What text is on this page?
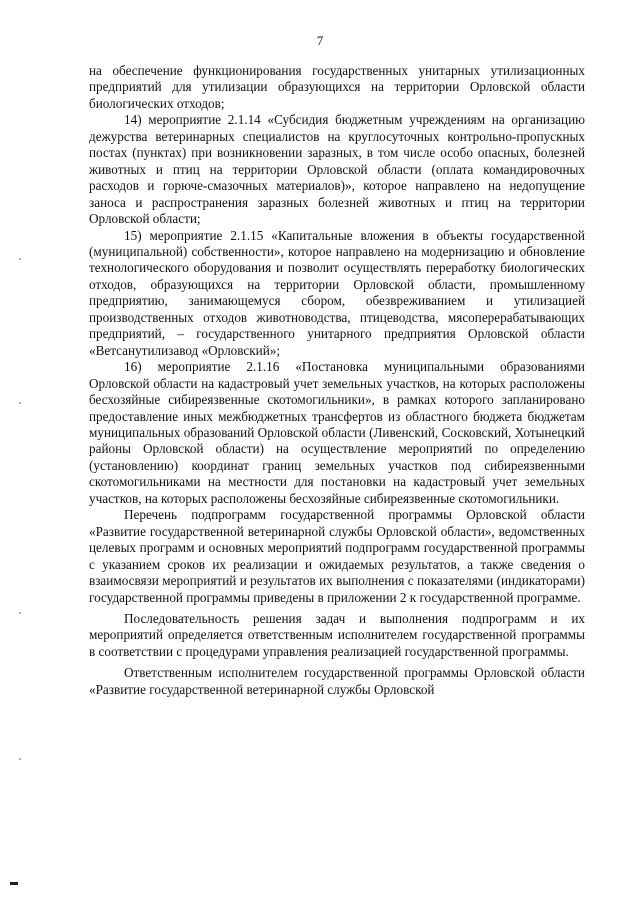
7

на обеспечение функционирования государственных унитарных утилизационных предприятий для утилизации образующихся на территории Орловской области биологических отходов;

14) мероприятие 2.1.14 «Субсидия бюджетным учреждениям на организацию дежурства ветеринарных специалистов на круглосуточных контрольно-пропускных постах (пунктах) при возникновении заразных, в том числе особо опасных, болезней животных и птиц на территории Орловской области (оплата командировочных расходов и горюче-смазочных материалов)», которое направлено на недопущение заноса и распространения заразных болезней животных и птиц на территории Орловской области;

15) мероприятие 2.1.15 «Капитальные вложения в объекты государственной (муниципальной) собственности», которое направлено на модернизацию и обновление технологического оборудования и позволит осуществлять переработку биологических отходов, образующихся на территории Орловской области, промышленному предприятию, занимающемуся сбором, обезвреживанием и утилизацией производственных отходов животноводства, птицеводства, мясоперерабатывающих предприятий, – государственного унитарного предприятия Орловской области «Ветсанутилизавод «Орловский»;

16) мероприятие 2.1.16 «Постановка муниципальными образованиями Орловской области на кадастровый учет земельных участков, на которых расположены бесхозяйные сибиреязвенные скотомогильники», в рамках которого запланировано предоставление иных межбюджетных трансфертов из областного бюджета бюджетам муниципальных образований Орловской области (Ливенский, Сосковский, Хотынецкий районы Орловской области) на осуществление мероприятий по определению (установлению) координат границ земельных участков под сибиреязвенными скотомогильниками на местности для постановки на кадастровый учет земельных участков, на которых расположены бесхозяйные сибиреязвенные скотомогильники.

Перечень подпрограмм государственной программы Орловской области «Развитие государственной ветеринарной службы Орловской области», ведомственных целевых программ и основных мероприятий подпрограмм государственной программы с указанием сроков их реализации и ожидаемых результатов, а также сведения о взаимосвязи мероприятий и результатов их выполнения с показателями (индикаторами) государственной программы приведены в приложении 2 к государственной программе.

Последовательность решения задач и выполнения подпрограмм и их мероприятий определяется ответственным исполнителем государственной программы в соответствии с процедурами управления реализацией государственной программы.

Ответственным исполнителем государственной программы Орловской области «Развитие государственной ветеринарной службы Орловской
